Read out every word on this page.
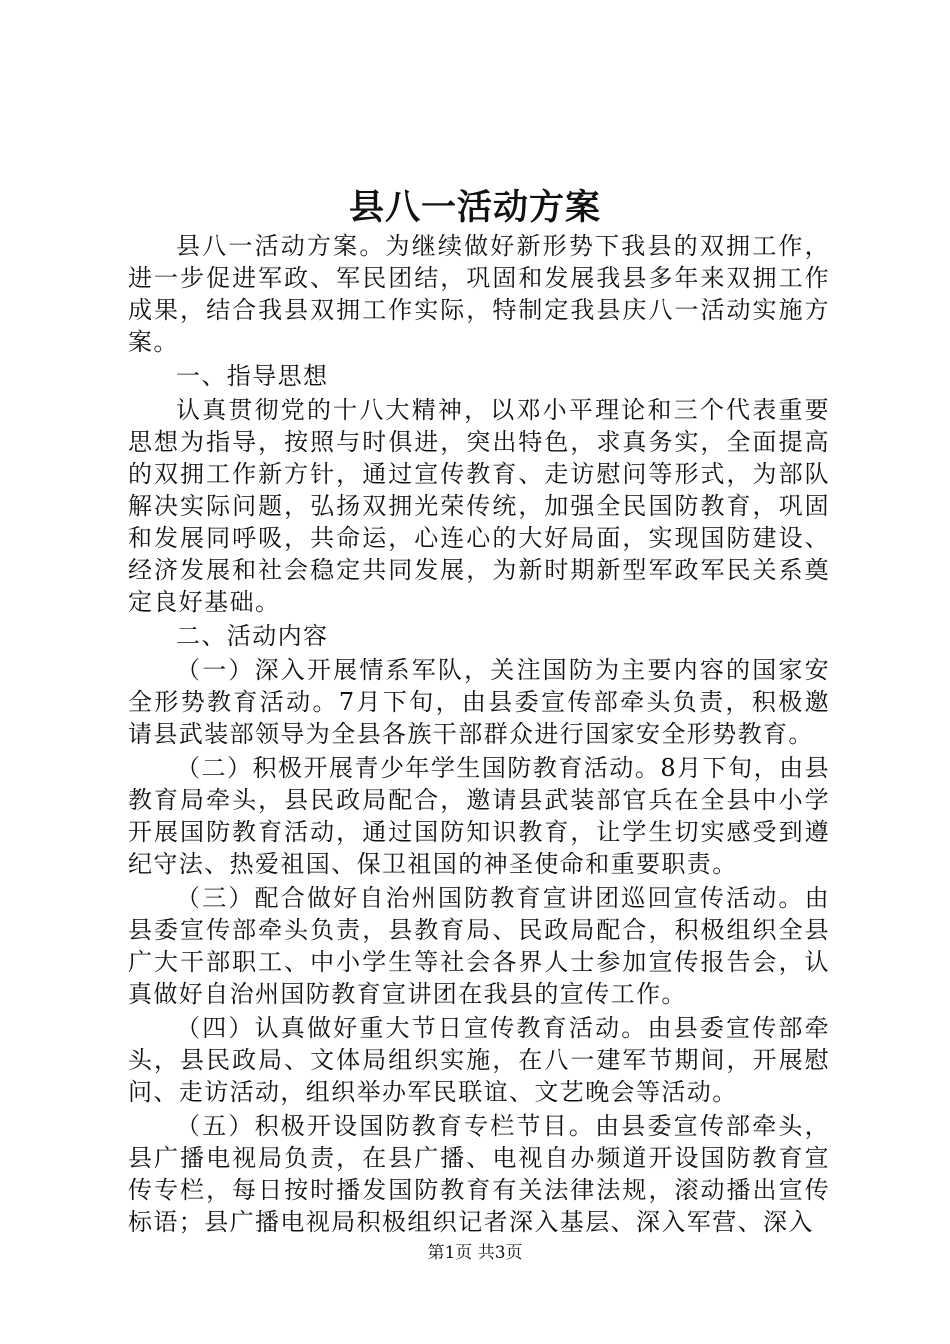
县八一活动方案

县八一活动方案。为继续做好新形势下我县的双拥工作，进一步促进军政、军民团结，巩固和发展我县多年来双拥工作成果，结合我县双拥工作实际，特制定我县庆八一活动实施方案。

一、指导思想

认真贯彻党的十八大精神，以邓小平理论和三个代表重要思想为指导，按照与时俱进，突出特色，求真务实，全面提高的双拥工作新方针，通过宣传教育、走访慰问等形式，为部队解决实际问题，弘扬双拥光荣传统，加强全民国防教育，巩固和发展同呼吸，共命运，心连心的大好局面，实现国防建设、经济发展和社会稳定共同发展，为新时期新型军政军民关系奠定良好基础。

二、活动内容

（一）深入开展情系军队，关注国防为主要内容的国家安全形势教育活动。7月下旬，由县委宣传部牵头负责，积极邀请县武装部领导为全县各族干部群众进行国家安全形势教育。

（二）积极开展青少年学生国防教育活动。8月下旬，由县教育局牵头，县民政局配合，邀请县武装部官兵在全县中小学开展国防教育活动，通过国防知识教育，让学生切实感受到遵纪守法、热爱祖国、保卫祖国的神圣使命和重要职责。

（三）配合做好自治州国防教育宣讲团巡回宣传活动。由县委宣传部牵头负责，县教育局、民政局配合，积极组织全县广大干部职工、中小学生等社会各界人士参加宣传报告会，认真做好自治州国防教育宣讲团在我县的宣传工作。

（四）认真做好重大节日宣传教育活动。由县委宣传部牵头，县民政局、文体局组织实施，在八一建军节期间，开展慰问、走访活动，组织举办军民联谊、文艺晚会等活动。

（五）积极开设国防教育专栏节目。由县委宣传部牵头，县广播电视局负责，在县广播、电视自办频道开设国防教育宣传专栏，每日按时播发国防教育有关法律法规，滚动播出宣传标语；县广播电视局积极组织记者深入基层、深入军营、深入

第1页 共3页
